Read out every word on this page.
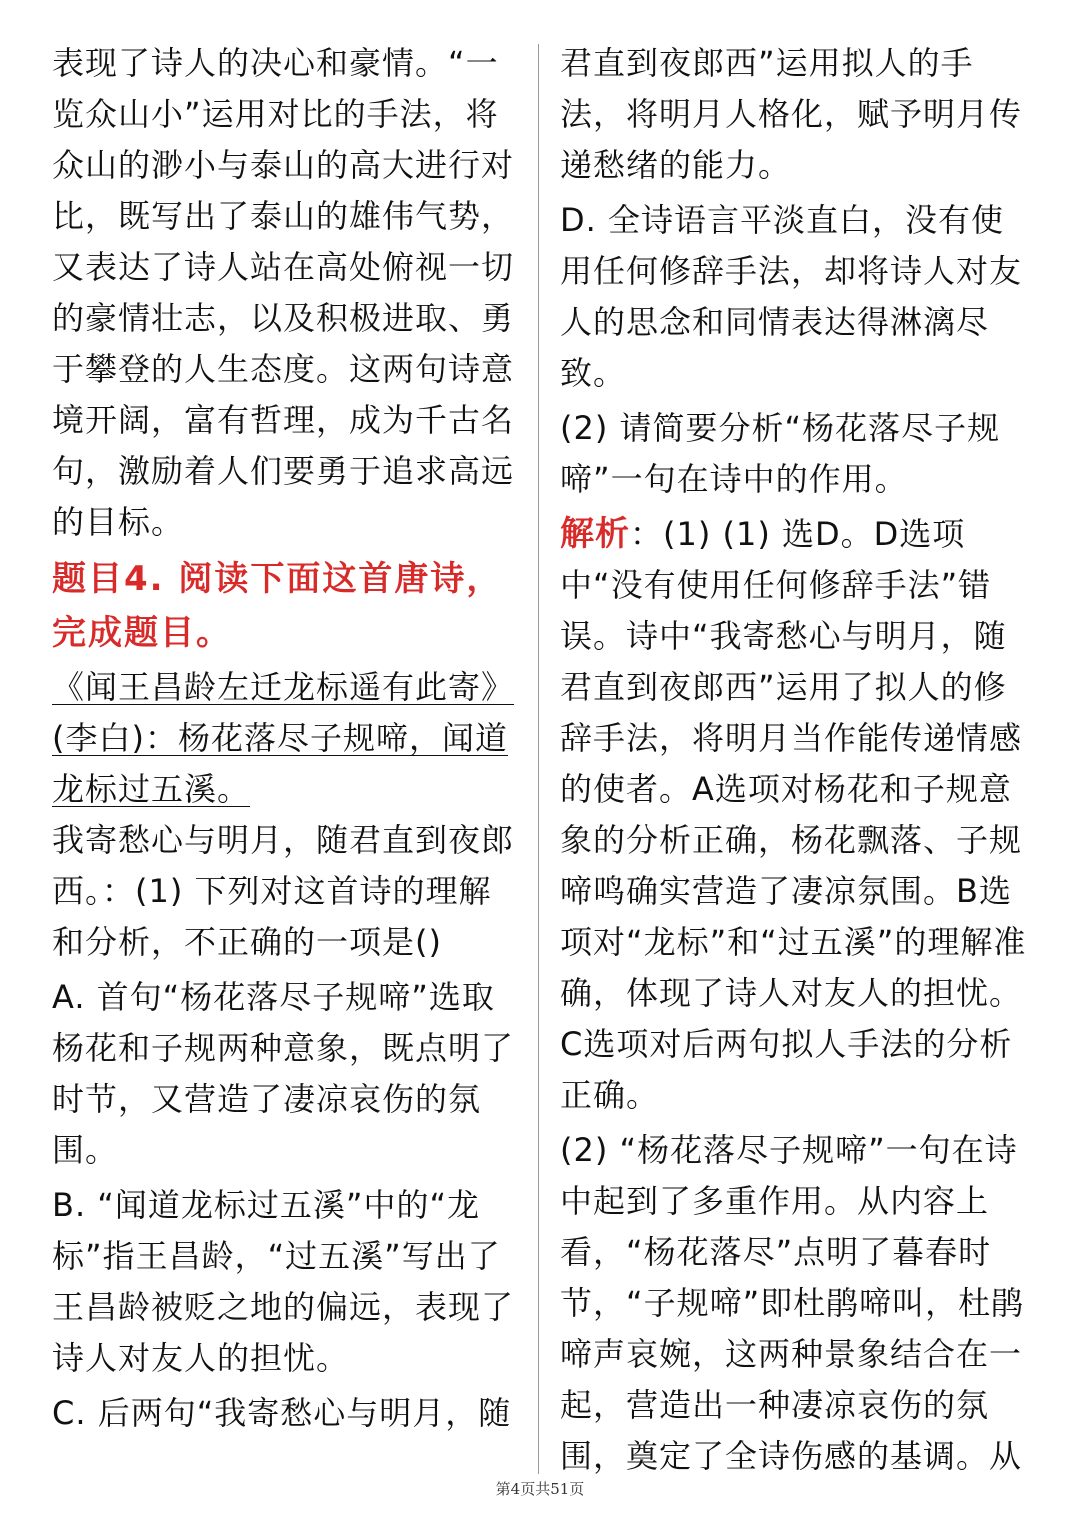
表现了诗人的决心和豪情。“一览众山小”运用对比的手法，将众山的渺小与泰山的高大进行对比，既写出了泰山的雄伟气势，又表达了诗人站在高处俯视一切的豪情壮志，以及积极进取、勇于攀登的人生态度。这两句诗意境开阔，富有哲理，成为千古名句，激励着人们要勇于追求高远的目标。

题目4. 阅读下面这首唐诗，完成题目。

《闻王昌龄左迁龙标遥有此寄》(李白)：杨花落尽子规啼，闻道龙标过五溪。

我寄愁心与明月，随君直到夜郎西。：(1) 下列对这首诗的理解和分析，不正确的一项是()

A. 首句“杨花落尽子规啼”选取杨花和子规两种意象，既点明了时节，又营造了凄凉哀伤的氛围。

B. “闻道龙标过五溪”中的“龙标”指王昌龄，“过五溪”写出了王昌龄被贬之地的偏远，表现了诗人对友人的担忧。

C. 后两句“我寄愁心与明月，随

君直到夜郎西”运用拟人的手法，将明月人格化，赋予明月传递愁绪的能力。

D. 全诗语言平淡直白，没有使用任何修辞手法，却将诗人对友人的思念和同情表达得淋漓尽致。

(2) 请简要分析“杨花落尽子规啼”一句在诗中的作用。

解析：(1) (1) 选D。D选项中“没有使用任何修辞手法”错误。诗中“我寄愁心与明月，随君直到夜郎西”运用了拟人的修辞手法，将明月当作能传递情感的使者。A选项对杨花和子规意象的分析正确，杨花飘落、子规啼鸣确实营造了凄凉氛围。B选项对“龙标”和“过五溪”的理解准确，体现了诗人对友人的担忧。C选项对后两句拟人手法的分析正确。

(2) “杨花落尽子规啼”一句在诗中起到了多重作用。从内容上看，“杨花落尽”点明了暮春时节，“子规啼”即杜鹃啼叫，杜鹃啼声哀婉，这两种景象结合在一起，营造出一种凄凉哀伤的氛围，奠定了全诗伤感的基调。从

第4页共51页
